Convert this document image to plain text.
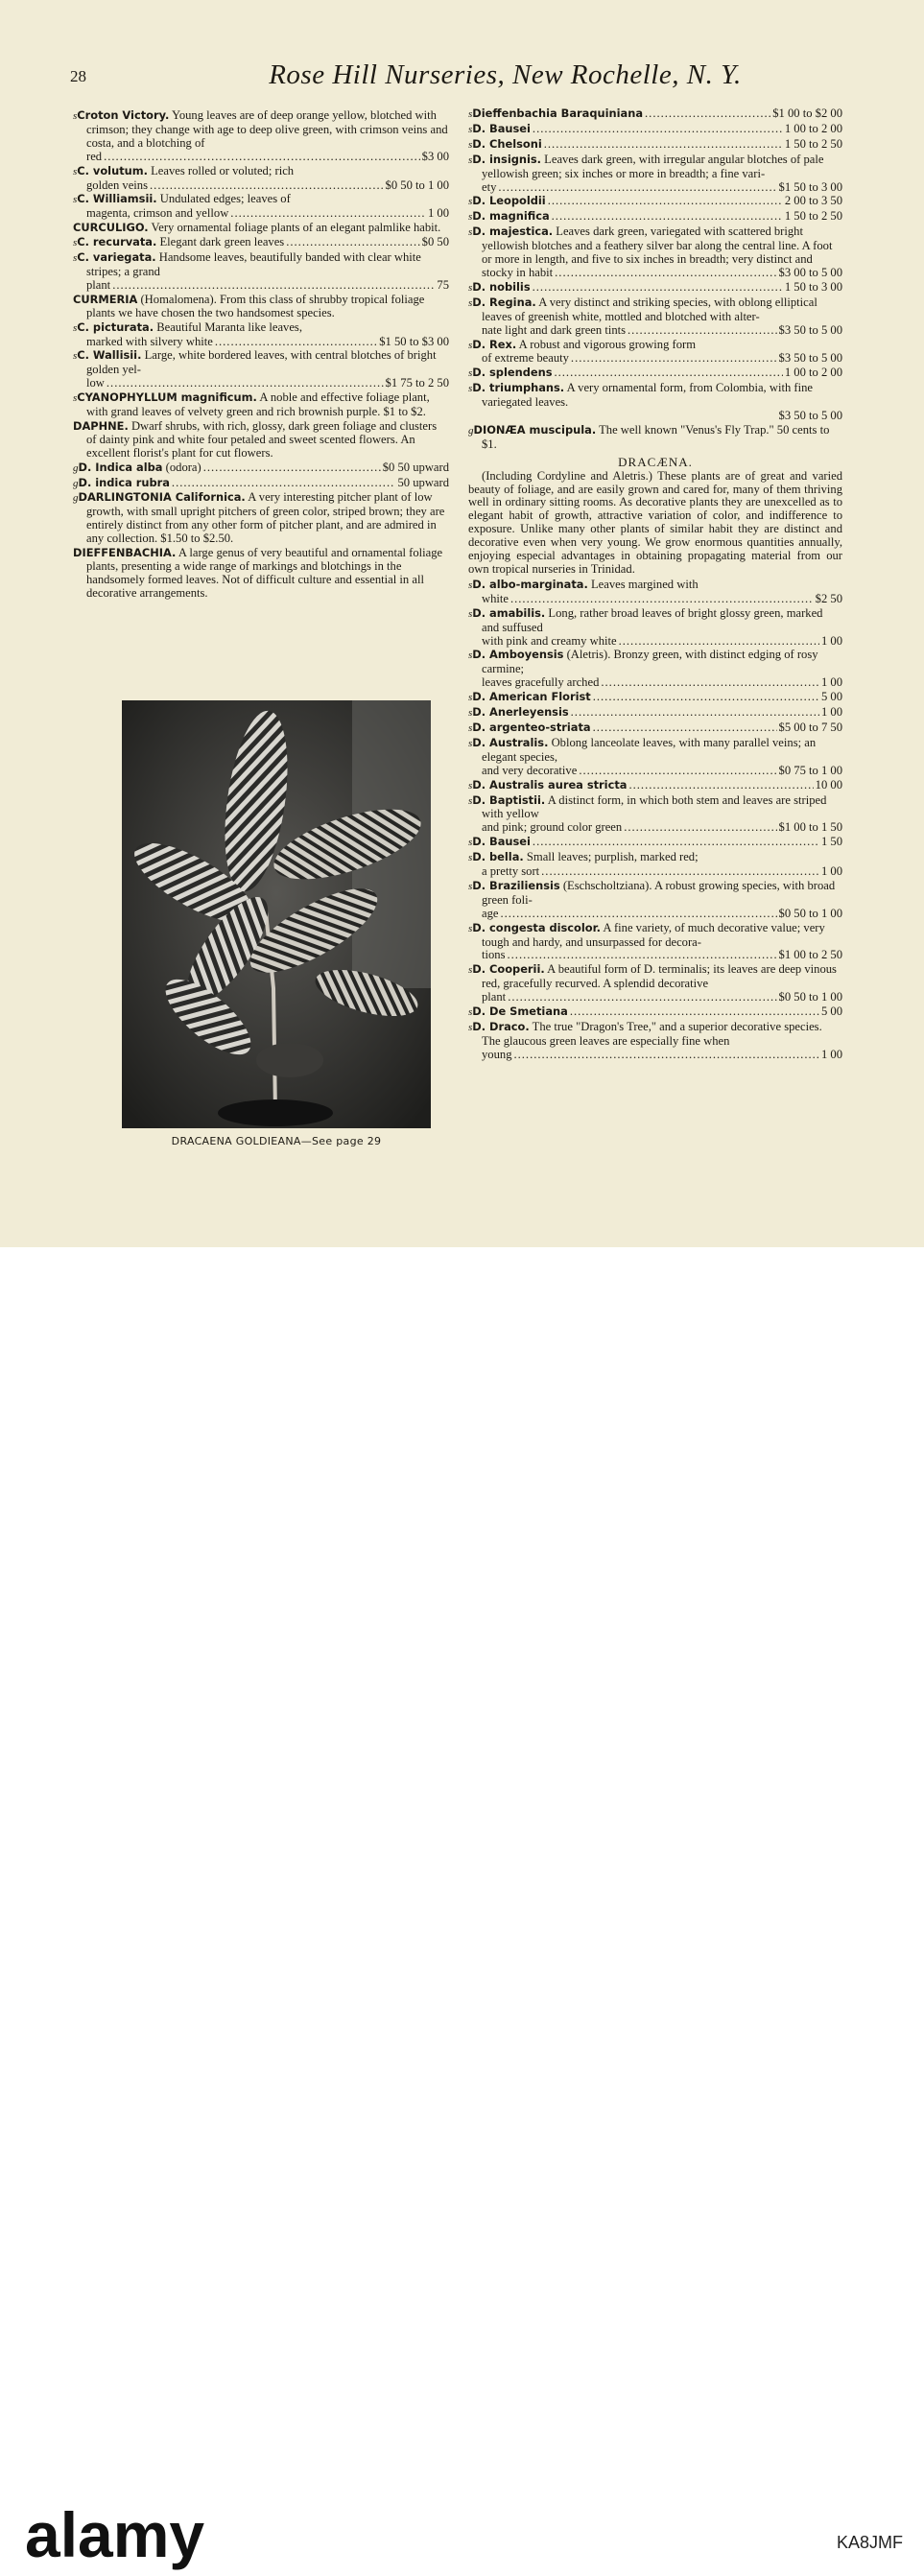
28	Rose Hill Nurseries, New Rochelle, N. Y.

sCroton Victory. Young leaves are of deep orange yellow, blotched with crimson; they change with age to deep olive green, with crimson veins and costa, and a blotching of

red .....	$3 00

sC. volutum. Leaves rolled or voluted; rich

golden veins .....	$0 50 to 1 00

sC. Williamsii. Undulated edges; leaves of

magenta, crimson and yellow .....	1 00

CURCULIGO. Very ornamental foliage plants of an elegant palmlike habit.

sC. recurvata. Elegant dark green leaves .....	$0 50

sC. variegata. Handsome leaves, beautifully banded with clear white stripes; a grand

plant .....	75

CURMERIA (Homalomena). From this class of shrubby tropical foliage plants we have chosen the two handsomest species.

sC. picturata. Beautiful Maranta like leaves,

marked with silvery white .....	$1 50 to $3 00

sC. Wallisii. Large, white bordered leaves, with central blotches of bright golden yel-

low .....	$1 75 to 2 50

sCYANOPHYLLUM magnificum. A noble and effective foliage plant, with grand leaves of velvety green and rich brownish purple. $1 to $2.

DAPHNE. Dwarf shrubs, with rich, glossy, dark green foliage and clusters of dainty pink and white four petaled and sweet scented flowers. An excellent florist's plant for cut flowers.

gD. Indica alba (odora) .....	$0 50 upward
gD. indica rubra .....	50 upward

gDARLINGTONIA Californica. A very interesting pitcher plant of low growth, with small upright pitchers of green color, striped brown; they are entirely distinct from any other form of pitcher plant, and are admired in any collection. $1.50 to $2.50.

DIEFFENBACHIA. A large genus of very beautiful and ornamental foliage plants, presenting a wide range of markings and blotchings in the handsomely formed leaves. Not of difficult culture and essential in all decorative arrangements.

DRACAENA GOLDIEANA—See page 29
sDieffenbachia Baraquiniana .....	$1 00 to $2 00
sD. Bausei .....	1 00 to 2 00
sD. Chelsoni .....	1 50 to 2 50

sD. insignis. Leaves dark green, with irregular angular blotches of pale yellowish green; six inches or more in breadth; a fine vari-

ety .....	$1 50 to 3 00
sD. Leopoldii .....	2 00 to 3 50
sD. magnifica .....	1 50 to 2 50

sD. majestica. Leaves dark green, variegated with scattered bright yellowish blotches and a feathery silver bar along the central line. A foot or more in length, and five to six inches in breadth; very distinct and

stocky in habit .....	$3 00 to 5 00
sD. nobilis .....	1 50 to 3 00

sD. Regina. A very distinct and striking species, with oblong elliptical leaves of greenish white, mottled and blotched with alter-

nate light and dark green tints .....	$3 50 to 5 00

sD. Rex. A robust and vigorous growing form

of extreme beauty .....	$3 50 to 5 00
sD. splendens .....	1 00 to 2 00

sD. triumphans. A very ornamental form, from Colombia, with fine variegated leaves.

$3 50 to 5 00

gDIONÆA muscipula. The well known "Venus's Fly Trap." 50 cents to $1.

DRACÆNA.

(Including Cordyline and Aletris.) These plants are of great and varied beauty of foliage, and are easily grown and cared for, many of them thriving well in ordinary sitting rooms. As decorative plants they are unexcelled as to elegant habit of growth, attractive variation of color, and indifference to exposure. Unlike many other plants of similar habit they are distinct and decorative even when very young. We grow enormous quantities annually, enjoying especial advantages in obtaining propagating material from our own tropical nurseries in Trinidad.

sD. albo-marginata. Leaves margined with

white .....	$2 50

sD. amabilis. Long, rather broad leaves of bright glossy green, marked and suffused

with pink and creamy white .....	1 00

sD. Amboyensis (Aletris). Bronzy green, with distinct edging of rosy carmine;

leaves gracefully arched .....	1 00
sD. American Florist .....	5 00
sD. Anerleyensis .....	1 00
sD. argenteo-striata .....	$5 00 to 7 50

sD. Australis. Oblong lanceolate leaves, with many parallel veins; an elegant species,

and very decorative .....	$0 75 to 1 00
sD. Australis aurea stricta .....	10 00

sD. Baptistii. A distinct form, in which both stem and leaves are striped with yellow

and pink; ground color green .....	$1 00 to 1 50
sD. Bausei .....	1 50

sD. bella. Small leaves; purplish, marked red;

a pretty sort .....	1 00

sD. Braziliensis (Eschscholtziana). A robust growing species, with broad green foli-

age .....	$0 50 to 1 00

sD. congesta discolor. A fine variety, of much decorative value; very tough and hardy, and unsurpassed for decora-

tions .....	$1 00 to 2 50

sD. Cooperii. A beautiful form of D. terminalis; its leaves are deep vinous red, gracefully recurved. A splendid decorative

plant .....	$0 50 to 1 00
sD. De Smetiana .....	5 00

sD. Draco. The true "Dragon's Tree," and a superior decorative species. The glaucous green leaves are especially fine when

young .....	1 00
alamy	KA8JMF
